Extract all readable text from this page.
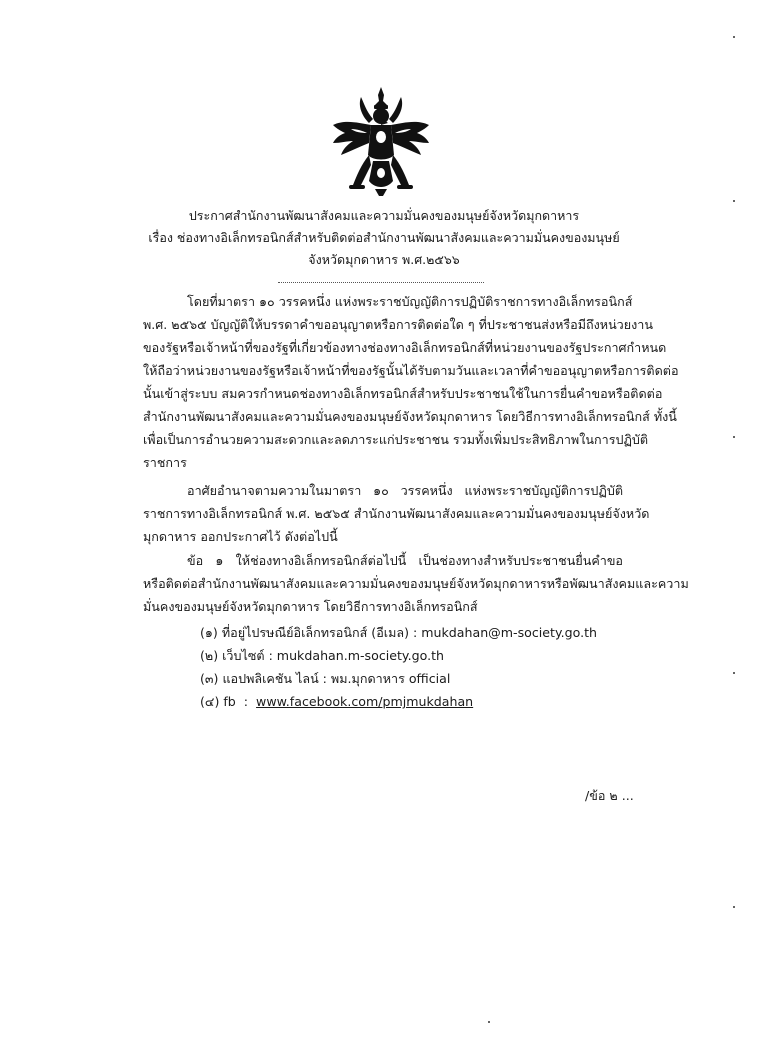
ประกาศสำนักงานพัฒนาสังคมและความมั่นคงของมนุษย์จังหวัดมุกดาหาร
เรื่อง ช่องทางอิเล็กทรอนิกส์สำหรับติดต่อสำนักงานพัฒนาสังคมและความมั่นคงของมนุษย์
จังหวัดมุกดาหาร พ.ศ.๒๕๖๖
โดยที่มาตรา ๑๐ วรรคหนึ่ง แห่งพระราชบัญญัติการปฏิบัติราชการทางอิเล็กทรอนิกส์
พ.ศ. ๒๕๖๕ บัญญัติให้บรรดาคำขออนุญาตหรือการติดต่อใด ๆ ที่ประชาชนส่งหรือมีถึงหน่วยงาน
ของรัฐหรือเจ้าหน้าที่ของรัฐที่เกี่ยวข้องทางช่องทางอิเล็กทรอนิกส์ที่หน่วยงานของรัฐประกาศกำหนด
ให้ถือว่าหน่วยงานของรัฐหรือเจ้าหน้าที่ของรัฐนั้นได้รับตามวันและเวลาที่คำขออนุญาตหรือการติดต่อ
นั้นเข้าสู่ระบบ สมควรกำหนดช่องทางอิเล็กทรอนิกส์สำหรับประชาชนใช้ในการยื่นคำขอหรือติดต่อ
สำนักงานพัฒนาสังคมและความมั่นคงของมนุษย์จังหวัดมุกดาหาร โดยวิธีการทางอิเล็กทรอนิกส์ ทั้งนี้
เพื่อเป็นการอำนวยความสะดวกและลดภาระแก่ประชาชน รวมทั้งเพิ่มประสิทธิภาพในการปฏิบัติ
ราชการ
อาศัยอำนาจตามความในมาตรา ๑๐ วรรคหนึ่ง แห่งพระราชบัญญัติการปฏิบัติ
ราชการทางอิเล็กทรอนิกส์ พ.ศ. ๒๕๖๕ สำนักงานพัฒนาสังคมและความมั่นคงของมนุษย์จังหวัด
มุกดาหาร ออกประกาศไว้ ดังต่อไปนี้
ข้อ ๑ ให้ช่องทางอิเล็กทรอนิกส์ต่อไปนี้ เป็นช่องทางสำหรับประชาชนยื่นคำขอ
หรือติดต่อสำนักงานพัฒนาสังคมและความมั่นคงของมนุษย์จังหวัดมุกดาหารหรือพัฒนาสังคมและความ
มั่นคงของมนุษย์จังหวัดมุกดาหาร โดยวิธีการทางอิเล็กทรอนิกส์
(๑) ที่อยู่ไปรษณีย์อิเล็กทรอนิกส์ (อีเมล) : mukdahan@m-society.go.th
(๒) เว็บไซต์ : mukdahan.m-society.go.th
(๓) แอปพลิเคชัน ไลน์ : พม.มุกดาหาร official
(๔) fb  :  www.facebook.com/pmjmukdahan
/ข้อ ๒ ...
